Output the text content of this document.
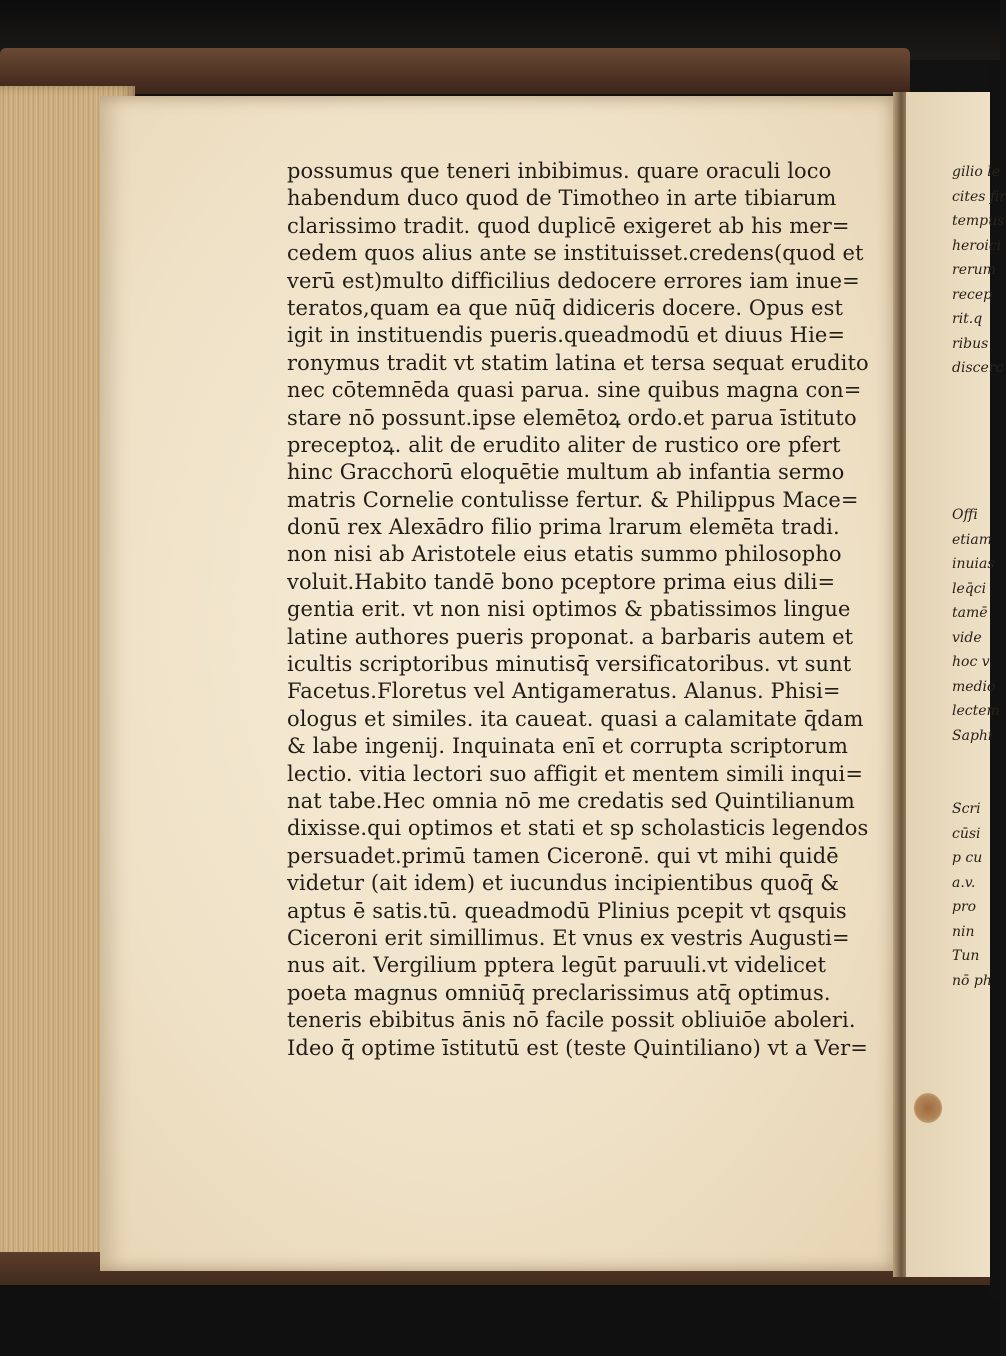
possumus que teneri inbibimus. quare oraculi loco
habendum duco quod de Timotheo in arte tibiarum
clarissimo tradit. quod duplicē exigeret ab his mer=
cedem quos alius ante se instituisset.credens(quod et
verū est)multo difficilius dedocere errores iam inue=
teratos,quam ea que nūq̄ didiceris docere. Opus est
igit in instituendis pueris.queadmodū et diuus Hie=
ronymus tradit vt statim latina et tersa sequat erudito
nec cōtemnēda quasi parua. sine quibus magna con=
stare nō possunt.ipse elemētoꝝ ordo.et parua īstituto
preceptoꝝ. alit de erudito aliter de rustico ore pfert
hinc Gracchorū eloquētie multum ab infantia sermo
matris Cornelie contulisse fertur. & Philippus Mace=
donū rex Alexādro filio prima lrarum elemēta tradi.
non nisi ab Aristotele eius etatis summo philosopho
voluit.Habito tandē bono pceptore prima eius dili=
gentia erit. vt non nisi optimos & pbatissimos lingue
latine authores pueris proponat. a barbaris autem et
icultis scriptoribus minutisq̄ versificatoribus. vt sunt
Facetus.Floretus vel Antigameratus. Alanus. Phisi=
ologus et similes. ita caueat. quasi a calamitate q̄dam
& labe ingenij. Inquinata enī et corrupta scriptorum
lectio. vitia lectori suo affigit et mentem simili inqui=
nat tabe.Hec omnia nō me credatis sed Quintilianum
dixisse.qui optimos et stati et sp scholasticis legendos
persuadet.primū tamen Ciceronē. qui vt mihi quidē
videtur (ait idem) et iucundus incipientibus quoq̄ &
aptus ē satis.tū. queadmodū Plinius pcepit vt qsquis
Ciceroni erit simillimus. Et vnus ex vestris Augusti=
nus ait. Vergilium pptera legūt paruuli.vt videlicet
poeta magnus omniūq̄ preclarissimus atq̄ optimus.
teneris ebibitus ānis nō facile possit obliuiōe aboleri.
Ideo q̄ optime īstitutū est (teste Quintiliano) vt a Ver=
gilio le
cites fir
tempus
heroici
rerum
recep
rit.q
ribus
discerc
Offi
etiam
inuias
leq̄ci
tamē
vide
hoc v
medio
lectem
Saphi
Scri
cūsi
p cu
a.v.
pro
nin
Tun
nō ph
